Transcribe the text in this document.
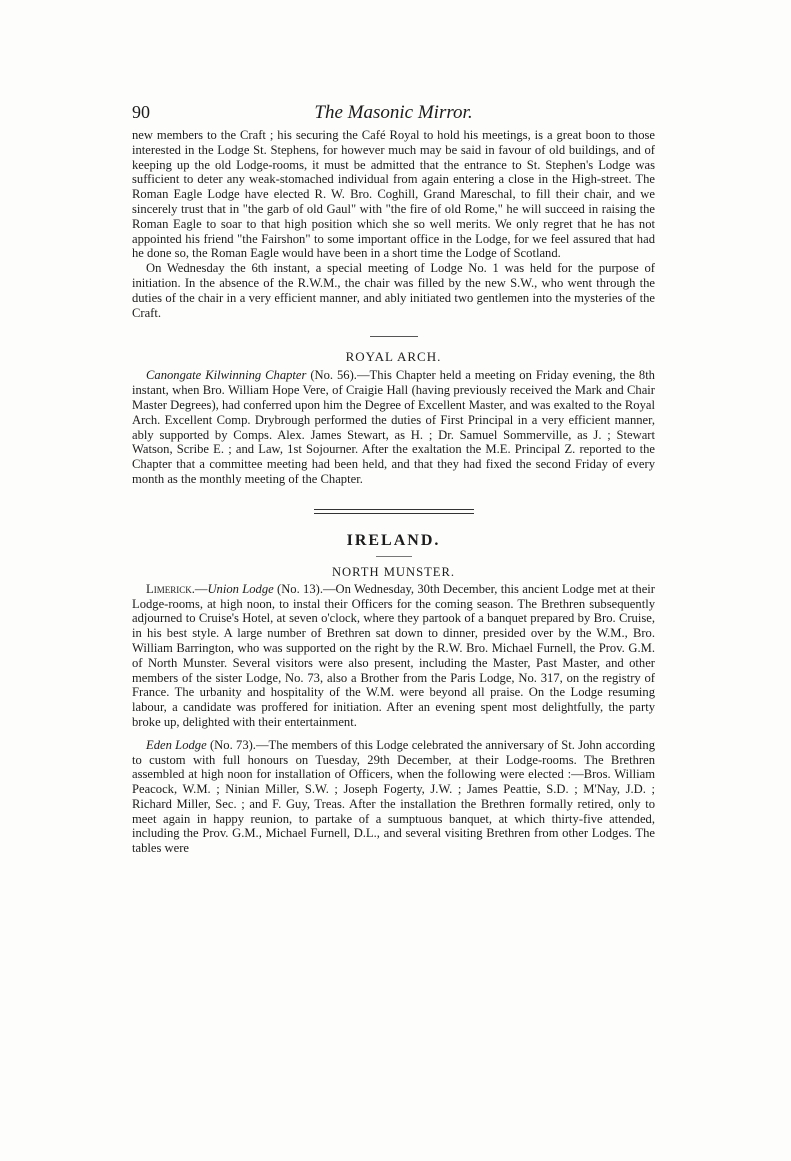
90	The Masonic Mirror.

new members to the Craft ; his securing the Café Royal to hold his meetings, is a great boon to those interested in the Lodge St. Stephens, for however much may be said in favour of old buildings, and of keeping up the old Lodge-rooms, it must be admitted that the entrance to St. Stephen's Lodge was sufficient to deter any weak-stomached individual from again entering a close in the High-street. The Roman Eagle Lodge have elected R. W. Bro. Coghill, Grand Mareschal, to fill their chair, and we sincerely trust that in "the garb of old Gaul" with "the fire of old Rome," he will succeed in raising the Roman Eagle to soar to that high position which she so well merits. We only regret that he has not appointed his friend "the Fairshon" to some important office in the Lodge, for we feel assured that had he done so, the Roman Eagle would have been in a short time the Lodge of Scotland.

On Wednesday the 6th instant, a special meeting of Lodge No. 1 was held for the purpose of initiation. In the absence of the R.W.M., the chair was filled by the new S.W., who went through the duties of the chair in a very efficient manner, and ably initiated two gentlemen into the mysteries of the Craft.

ROYAL ARCH.

Canongate Kilwinning Chapter (No. 56).—This Chapter held a meeting on Friday evening, the 8th instant, when Bro. William Hope Vere, of Craigie Hall (having previously received the Mark and Chair Master Degrees), had conferred upon him the Degree of Excellent Master, and was exalted to the Royal Arch. Excellent Comp. Drybrough performed the duties of First Principal in a very efficient manner, ably supported by Comps. Alex. James Stewart, as H. ; Dr. Samuel Sommerville, as J. ; Stewart Watson, Scribe E. ; and Law, 1st Sojourner. After the exaltation the M.E. Principal Z. reported to the Chapter that a committee meeting had been held, and that they had fixed the second Friday of every month as the monthly meeting of the Chapter.

IRELAND.
NORTH MUNSTER.

Limerick.—Union Lodge (No. 13).—On Wednesday, 30th December, this ancient Lodge met at their Lodge-rooms, at high noon, to instal their Officers for the coming season. The Brethren subsequently adjourned to Cruise's Hotel, at seven o'clock, where they partook of a banquet prepared by Bro. Cruise, in his best style. A large number of Brethren sat down to dinner, presided over by the W.M., Bro. William Barrington, who was supported on the right by the R.W. Bro. Michael Furnell, the Prov. G.M. of North Munster. Several visitors were also present, including the Master, Past Master, and other members of the sister Lodge, No. 73, also a Brother from the Paris Lodge, No. 317, on the registry of France. The urbanity and hospitality of the W.M. were beyond all praise. On the Lodge resuming labour, a candidate was proffered for initiation. After an evening spent most delightfully, the party broke up, delighted with their entertainment.

Eden Lodge (No. 73).—The members of this Lodge celebrated the anniversary of St. John according to custom with full honours on Tuesday, 29th December, at their Lodge-rooms. The Brethren assembled at high noon for installation of Officers, when the following were elected :—Bros. William Peacock, W.M. ; Ninian Miller, S.W. ; Joseph Fogerty, J.W. ; James Peattie, S.D. ; M'Nay, J.D. ; Richard Miller, Sec. ; and F. Guy, Treas. After the installation the Brethren formally retired, only to meet again in happy reunion, to partake of a sumptuous banquet, at which thirty-five attended, including the Prov. G.M., Michael Furnell, D.L., and several visiting Brethren from other Lodges. The tables were
